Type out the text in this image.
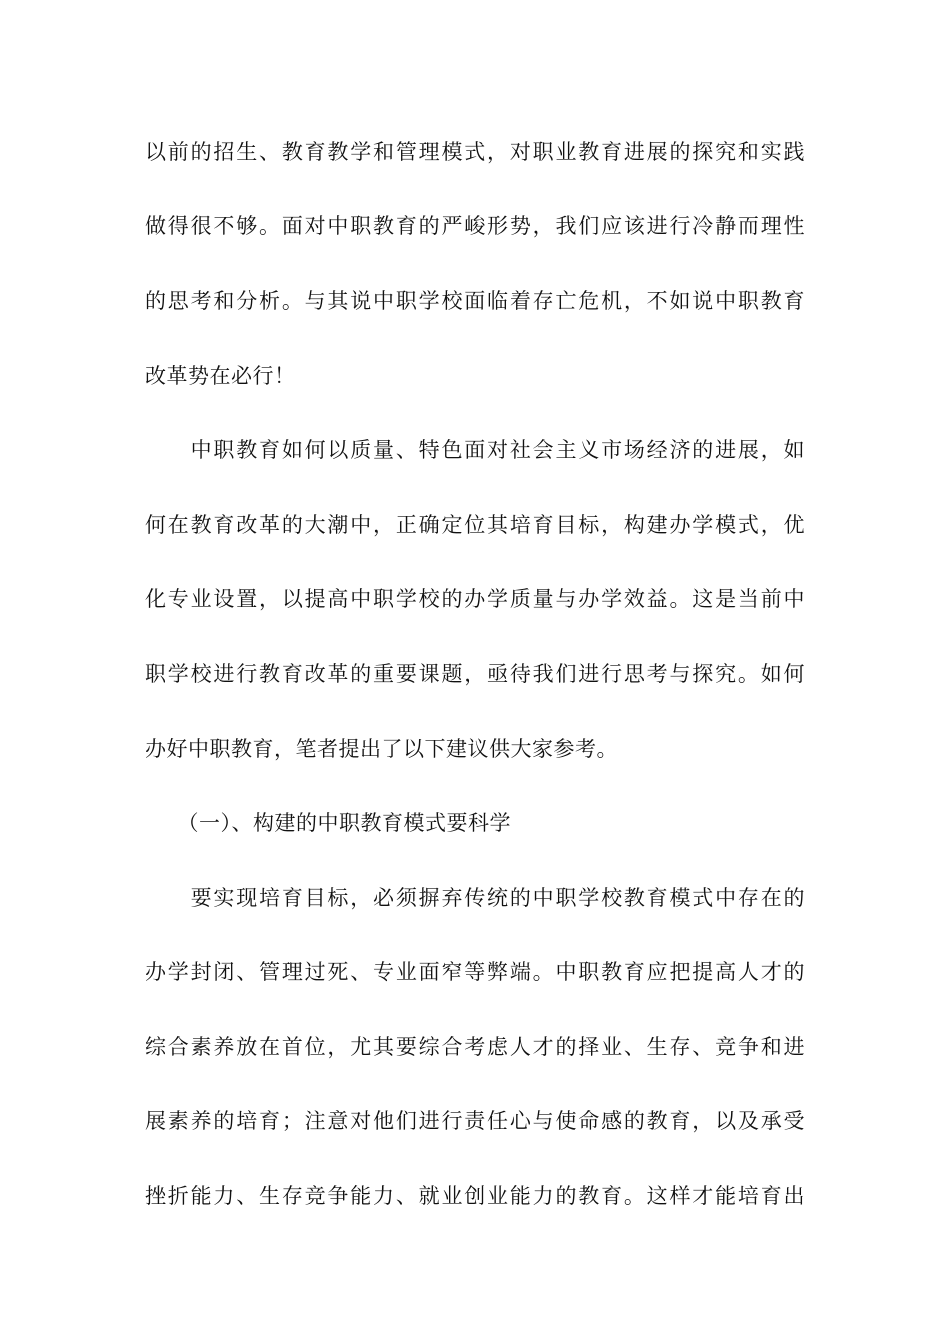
以前的招生、教育教学和管理模式，对职业教育进展的探究和实践
做得很不够。面对中职教育的严峻形势，我们应该进行冷静而理性
的思考和分析。与其说中职学校面临着存亡危机，不如说中职教育
改革势在必行！
　　中职教育如何以质量、特色面对社会主义市场经济的进展，如
何在教育改革的大潮中，正确定位其培育目标，构建办学模式，优
化专业设置，以提高中职学校的办学质量与办学效益。这是当前中
职学校进行教育改革的重要课题，亟待我们进行思考与探究。如何
办好中职教育，笔者提出了以下建议供大家参考。
　　（一）、构建的中职教育模式要科学
　　要实现培育目标，必须摒弃传统的中职学校教育模式中存在的
办学封闭、管理过死、专业面窄等弊端。中职教育应把提高人才的
综合素养放在首位，尤其要综合考虑人才的择业、生存、竞争和进
展素养的培育；注意对他们进行责任心与使命感的教育，以及承受
挫折能力、生存竞争能力、就业创业能力的教育。这样才能培育出
